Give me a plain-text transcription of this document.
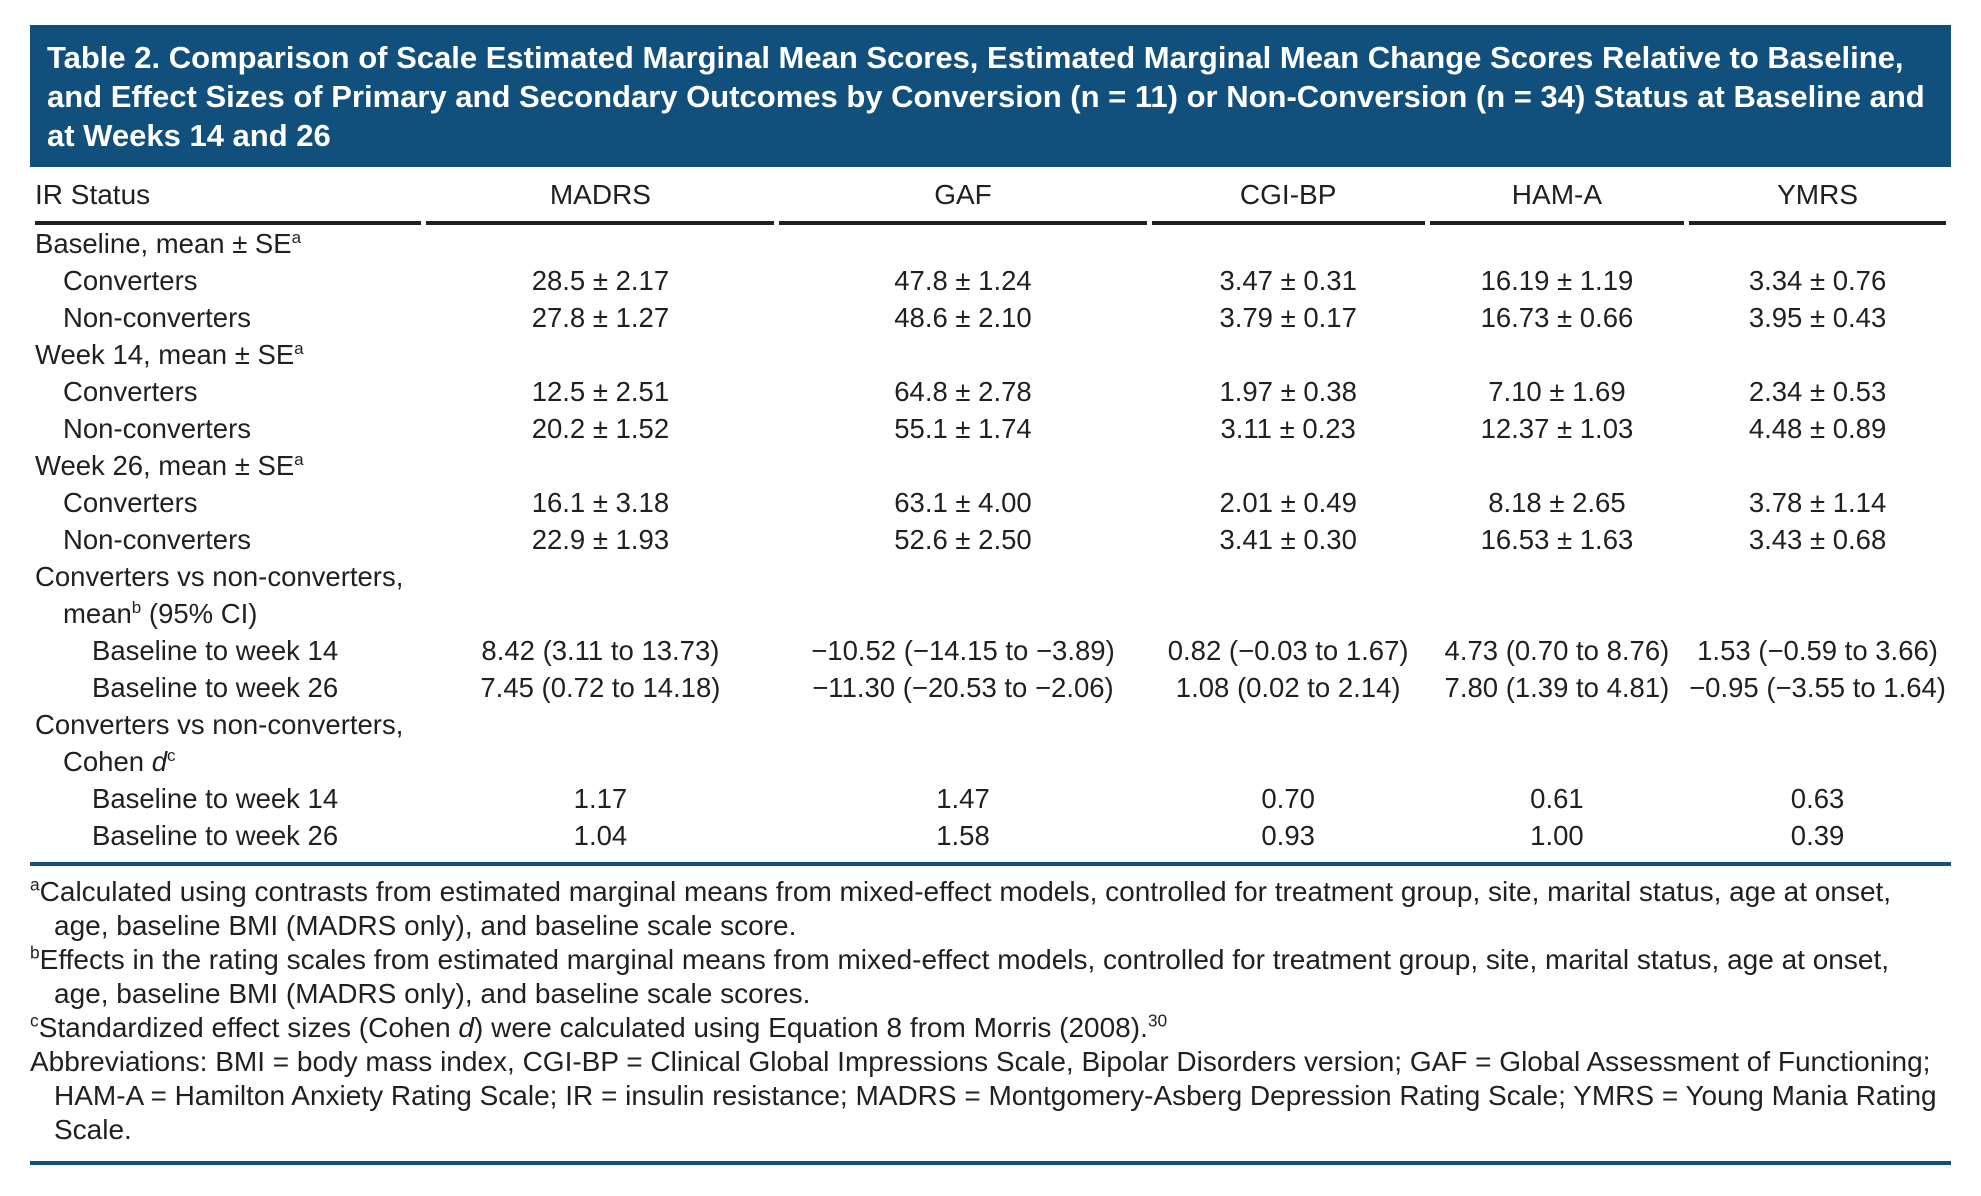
Table 2. Comparison of Scale Estimated Marginal Mean Scores, Estimated Marginal Mean Change Scores Relative to Baseline, and Effect Sizes of Primary and Secondary Outcomes by Conversion (n = 11) or Non-Conversion (n = 34) Status at Baseline and at Weeks 14 and 26
IR Status	MADRS	GAF	CGI-BP	HAM-A	YMRS
Baseline, mean ± $SE^a$					
Converters	28.5 ± 2.17	47.8 ± 1.24	3.47 ± 0.31	16.19 ± 1.19	3.34 ± 0.76
Non-converters	27.8 ± 1.27	48.6 ± 2.10	3.79 ± 0.17	16.73 ± 0.66	3.95 ± 0.43
Week 14, mean ± $SE^a$					
Converters	12.5 ± 2.51	64.8 ± 2.78	1.97 ± 0.38	7.10 ± 1.69	2.34 ± 0.53
Non-converters	20.2 ± 1.52	55.1 ± 1.74	3.11 ± 0.23	12.37 ± 1.03	4.48 ± 0.89
Week 26, mean ± $SE^a$					
Converters	16.1 ± 3.18	63.1 ± 4.00	2.01 ± 0.49	8.18 ± 2.65	3.78 ± 1.14
Non-converters	22.9 ± 1.93	52.6 ± 2.50	3.41 ± 0.30	16.53 ± 1.63	3.43 ± 0.68
Converters vs non-converters,					
mean$^b$ (95% CI)					
Baseline to week 14	8.42 (3.11 to 13.73)	−10.52 (−14.15 to −3.89)	0.82 (−0.03 to 1.67)	4.73 (0.70 to 8.76)	1.53 (−0.59 to 3.66)
Baseline to week 26	7.45 (0.72 to 14.18)	−11.30 (−20.53 to −2.06)	1.08 (0.02 to 2.14)	7.80 (1.39 to 4.81)	−0.95 (−3.55 to 1.64)
Converters vs non-converters,					
Cohen $d^c$					
Baseline to week 14	1.17	1.47	0.70	0.61	0.63
Baseline to week 26	1.04	1.58	0.93	1.00	0.39
$^a$Calculated using contrasts from estimated marginal means from mixed-effect models, controlled for treatment group, site, marital status, age at onset, age, baseline BMI (MADRS only), and baseline scale score.
$^b$Effects in the rating scales from estimated marginal means from mixed-effect models, controlled for treatment group, site, marital status, age at onset, age, baseline BMI (MADRS only), and baseline scale scores.
$^c$Standardized effect sizes (Cohen d) were calculated using Equation 8 from Morris (2008).$^{30}$
Abbreviations: BMI = body mass index, CGI-BP = Clinical Global Impressions Scale, Bipolar Disorders version; GAF = Global Assessment of Functioning; HAM-A = Hamilton Anxiety Rating Scale; IR = insulin resistance; MADRS = Montgomery-Asberg Depression Rating Scale; YMRS = Young Mania Rating Scale.
